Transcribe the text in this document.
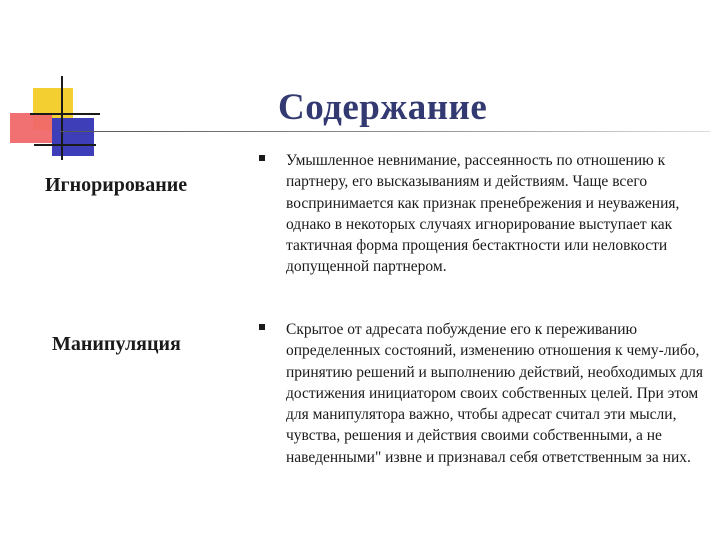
Содержание

Игнорирование

Умышленное невнимание, рассеянность по отношению к партнеру, его высказываниям и действиям. Чаще всего воспринимается как признак пренебрежения и неуважения, однако в некоторых случаях игнорирование выступает как тактичная форма прощения бестактности или неловкости допущенной партнером.

Манипуляция

Скрытое от адресата побуждение его к переживанию определенных состояний, изменению отношения к чему-либо, принятию решений и выполнению действий, необходимых для достижения инициатором своих собственных целей. При этом для манипулятора важно, чтобы адресат считал эти мысли, чувства, решения и действия своими собственными, а не наведенными" извне и признавал себя ответственным за них.
